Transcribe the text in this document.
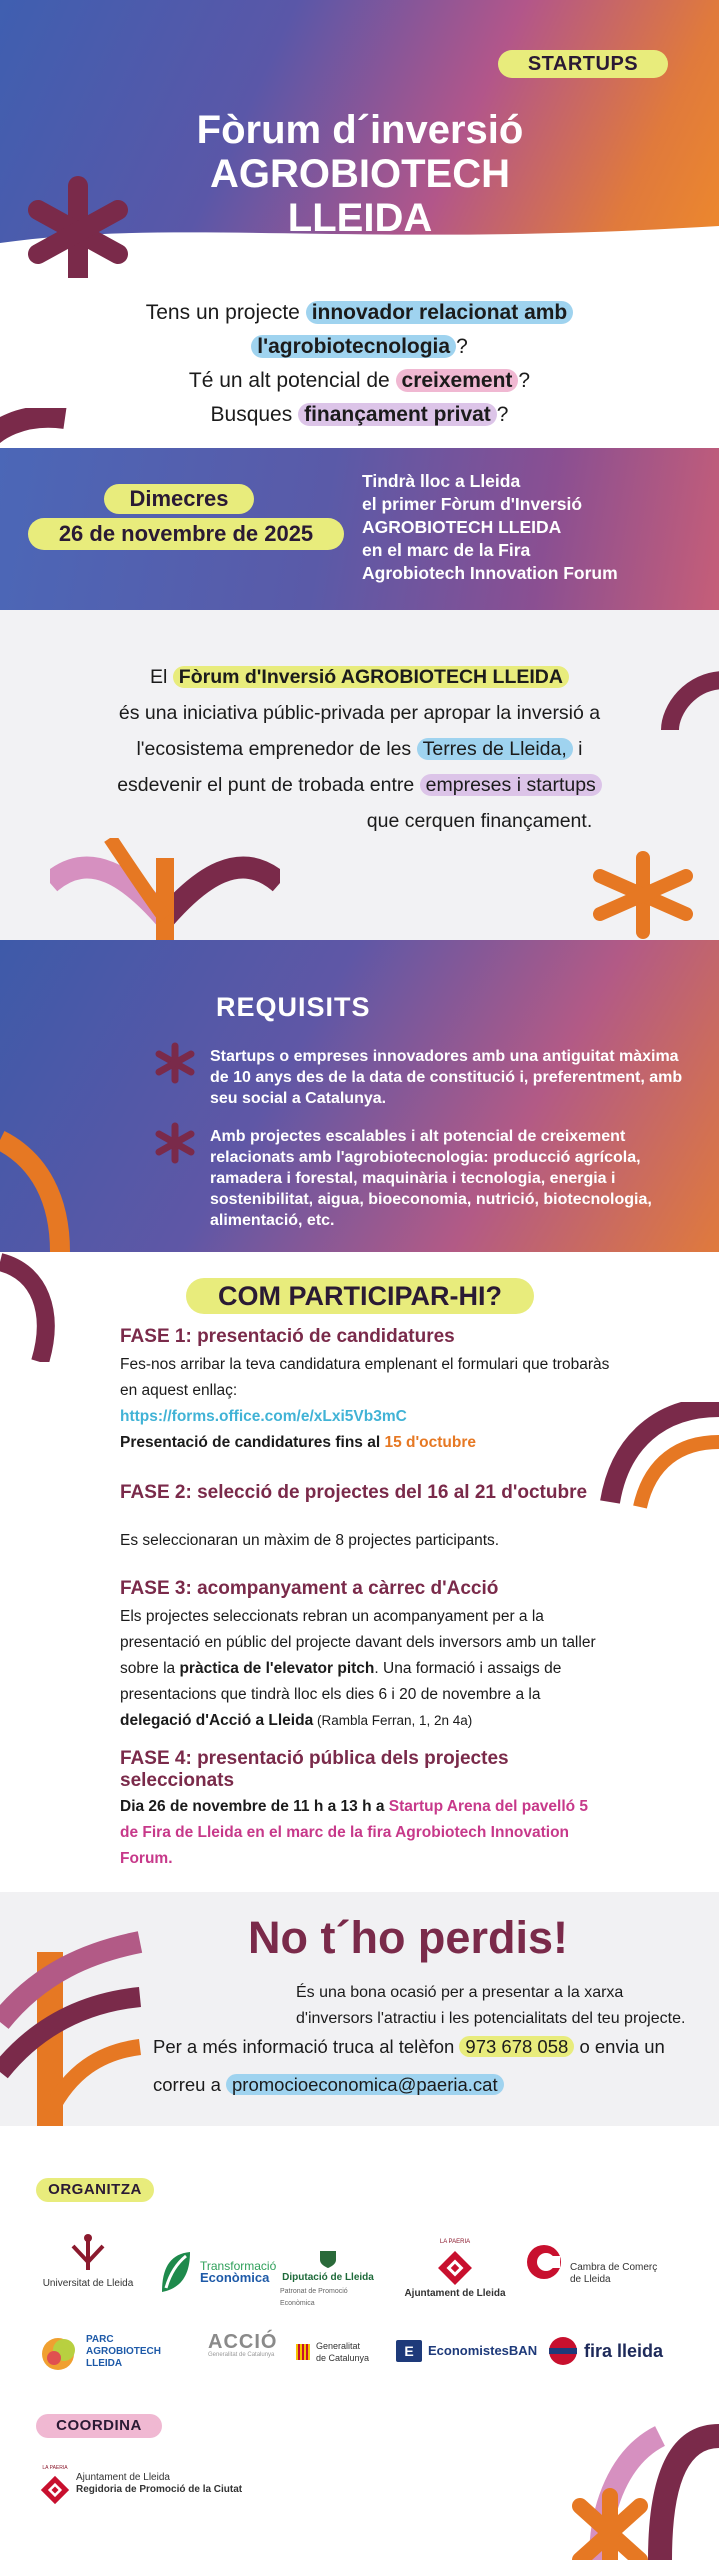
STARTUPS
Fòrum d´inversió
AGROBIOTECH
LLEIDA
Tens un projecte innovador relacionat amb
l'agrobiotecnologia ?
Té un alt potencial de creixement ?
Busques finançament privat ?
Dimecres
26 de novembre de 2025
Tindrà lloc a Lleida
el primer Fòrum d'Inversió
AGROBIOTECH LLEIDA
en el marc de la Fira
Agrobiotech Innovation Forum
El Fòrum d'Inversió AGROBIOTECH LLEIDA
és una iniciativa públic-privada per apropar la inversió a
l'ecosistema emprenedor de les Terres de Lleida, i
esdevenir el punt de trobada entre empreses i startups
que cerquen finançament.
REQUISITS
Startups o empreses innovadores amb una antiguitat màxima de 10 anys des de la data de constitució i, preferentment, amb seu social a Catalunya.
Amb projectes escalables i alt potencial de creixement relacionats amb l'agrobiotecnologia: producció agrícola, ramadera i forestal, maquinària i tecnologia, energia i sostenibilitat, aigua, bioeconomia, nutrició, biotecnologia, alimentació, etc.
COM PARTICIPAR-HI?
FASE 1: presentació de candidatures
Fes-nos arribar la teva candidatura emplenant el formulari que trobaràs en aquest enllaç:
https://forms.office.com/e/xLxi5Vb3mC
Presentació de candidatures fins al 15 d'octubre
FASE 2: selecció de projectes del 16 al 21 d'octubre
Es seleccionaran un màxim de 8 projectes participants.
FASE 3: acompanyament a càrrec d'Acció
Els projectes seleccionats rebran un acompanyament per a la presentació en públic del projecte davant dels inversors amb un taller sobre la pràctica de l'elevator pitch. Una formació i assaigs de presentacions que tindrà lloc els dies 6 i 20 de novembre a la delegació d'Acció a Lleida (Rambla Ferran, 1, 2n 4a)
FASE 4: presentació pública dels projectes seleccionats
Dia 26 de novembre de 11 h a 13 h a Startup Arena del pavelló 5 de Fira de Lleida en el marc de la fira Agrobiotech Innovation Forum.
No t´ho perdis!
És una bona ocasió per a presentar a la xarxa d'inversors l'atractiu i les potencialitats del teu projecte.
Per a més informació truca al telèfon 973 678 058 o envia un
correu a promocioeconomica@paeria.cat
ORGANITZA
Universitat de Lleida
Transformació
Econòmica	Diputació de Lleida
Patronat de Promoció Econòmica
LA PAERIA
Ajuntament de Lleida
Cambra de Comerç
de Lleida
PARC
AGROBIOTECH
LLEIDA
ACCIÓ
Generalitat de Catalunya
Generalitat
de Catalunya	E EconomistesBAN	fira lleida
COORDINA
LA PAERIA
Ajuntament de Lleida
Regidoria de Promoció de la Ciutat
